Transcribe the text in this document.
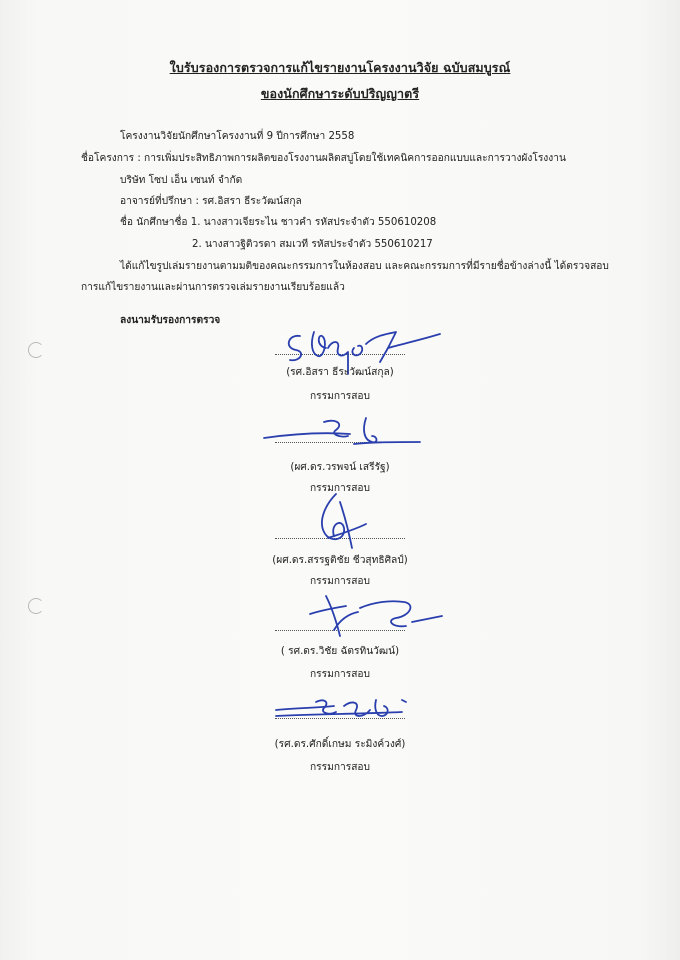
ใบรับรองการตรวจการแก้ไขรายงานโครงงานวิจัย ฉบับสมบูรณ์
ของนักศึกษาระดับปริญญาตรี
โครงงานวิจัยนักศึกษาโครงงานที่ 9 ปีการศึกษา 2558
ชื่อโครงการ : การเพิ่มประสิทธิภาพการผลิตของโรงงานผลิตสบู่โดยใช้เทคนิคการออกแบบและการวางผังโรงงาน
บริษัท โซป เอ็น เซนท์ จำกัด
อาจารย์ที่ปรึกษา : รศ.อิสรา ธีระวัฒน์สกุล
ชื่อ นักศึกษาชื่อ 1. นางสาวเจียระไน ชาวคำ รหัสประจำตัว 550610208
2. นางสาวฐิติวรดา สมเวที รหัสประจำตัว 550610217
ได้แก้ไขรูปเล่มรายงานตามมติของคณะกรรมการในห้องสอบ และคณะกรรมการที่มีรายชื่อข้างล่างนี้ ได้ตรวจสอบ
การแก้ไขรายงานและผ่านการตรวจเล่มรายงานเรียบร้อยแล้ว
ลงนามรับรองการตรวจ
(รศ.อิสรา ธีระวัฒน์สกุล)
กรรมการสอบ
(ผศ.ดร.วรพจน์ เสรีรัฐ)
กรรมการสอบ
(ผศ.ดร.สรรฐติชัย ชีวสุทธิศิลป์)
กรรมการสอบ
( รศ.ดร.วิชัย ฉัตรทินวัฒน์)
กรรมการสอบ
(รศ.ดร.ศักดิ์เกษม ระมิงค์วงศ์)
กรรมการสอบ
